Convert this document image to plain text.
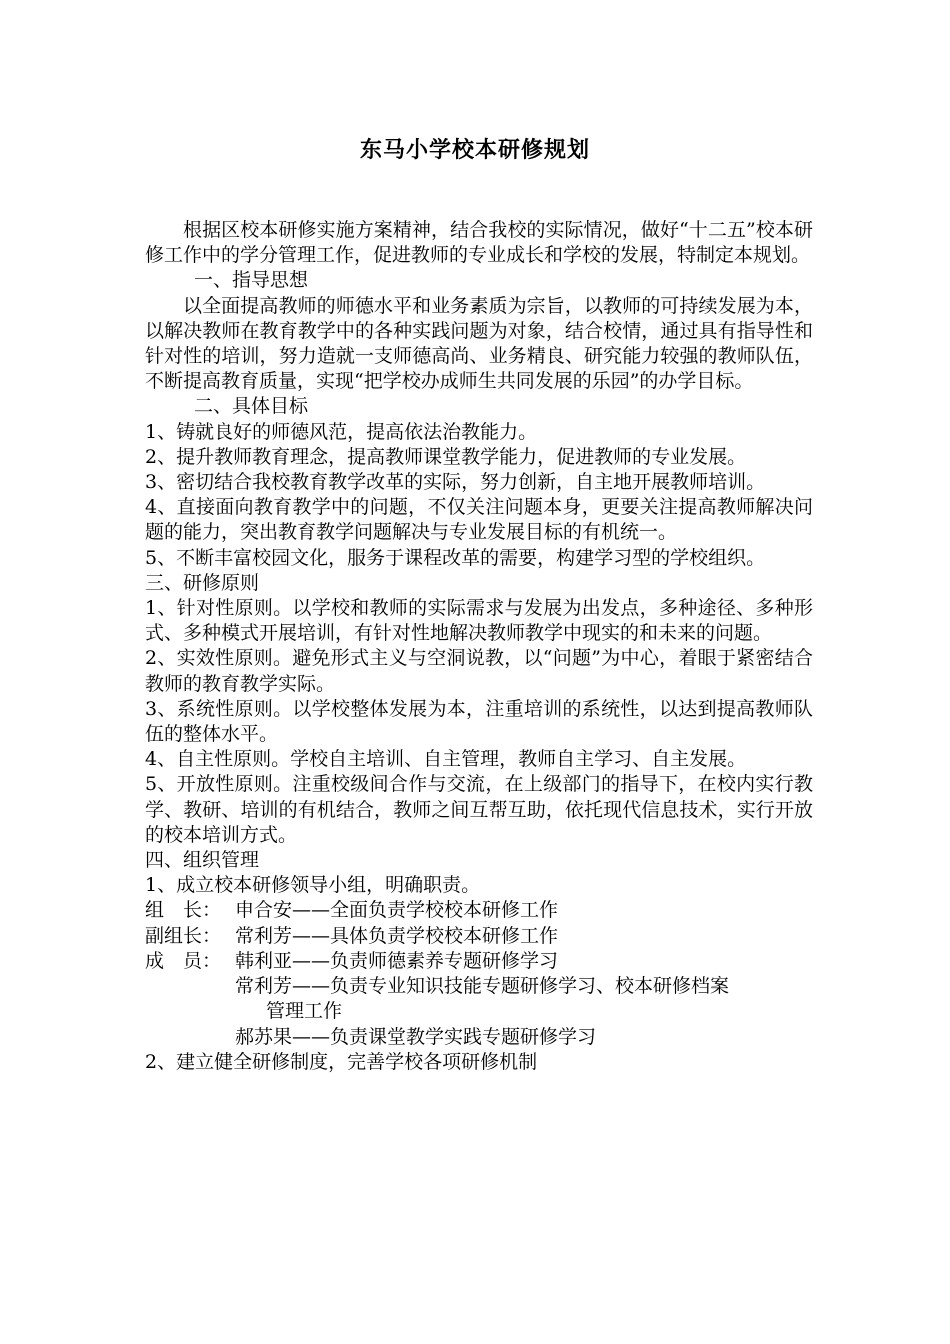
东马小学校本研修规划

根据区校本研修实施方案精神，结合我校的实际情况，做好“十二五”校本研修工作中的学分管理工作，促进教师的专业成长和学校的发展，特制定本规划。

一、指导思想

以全面提高教师的师德水平和业务素质为宗旨，以教师的可持续发展为本，以解决教师在教育教学中的各种实践问题为对象，结合校情，通过具有指导性和针对性的培训，努力造就一支师德高尚、业务精良、研究能力较强的教师队伍，不断提高教育质量，实现“把学校办成师生共同发展的乐园”的办学目标。

二、具体目标

1、铸就良好的师德风范，提高依法治教能力。

2、提升教师教育理念，提高教师课堂教学能力，促进教师的专业发展。

3、密切结合我校教育教学改革的实际，努力创新，自主地开展教师培训。

4、直接面向教育教学中的问题，不仅关注问题本身，更要关注提高教师解决问题的能力，突出教育教学问题解决与专业发展目标的有机统一。

5、不断丰富校园文化，服务于课程改革的需要，构建学习型的学校组织。

三、研修原则

1、针对性原则。以学校和教师的实际需求与发展为出发点，多种途径、多种形式、多种模式开展培训，有针对性地解决教师教学中现实的和未来的问题。

2、实效性原则。避免形式主义与空洞说教，以“问题”为中心，着眼于紧密结合教师的教育教学实际。

3、系统性原则。以学校整体发展为本，注重培训的系统性，以达到提高教师队伍的整体水平。

4、自主性原则。学校自主培训、自主管理，教师自主学习、自主发展。

5、开放性原则。注重校级间合作与交流，在上级部门的指导下，在校内实行教学、教研、培训的有机结合，教师之间互帮互助，依托现代信息技术，实行开放的校本培训方式。

四、组织管理

1、成立校本研修领导小组，明确职责。

组　长： 申合安——全面负责学校校本研修工作
副组长： 常利芳——具体负责学校校本研修工作
成　员： 韩利亚——负责师德素养专题研修学习
常利芳——负责专业知识技能专题研修学习、校本研修档案
管理工作
郝苏果——负责课堂教学实践专题研修学习

2、建立健全研修制度，完善学校各项研修机制
